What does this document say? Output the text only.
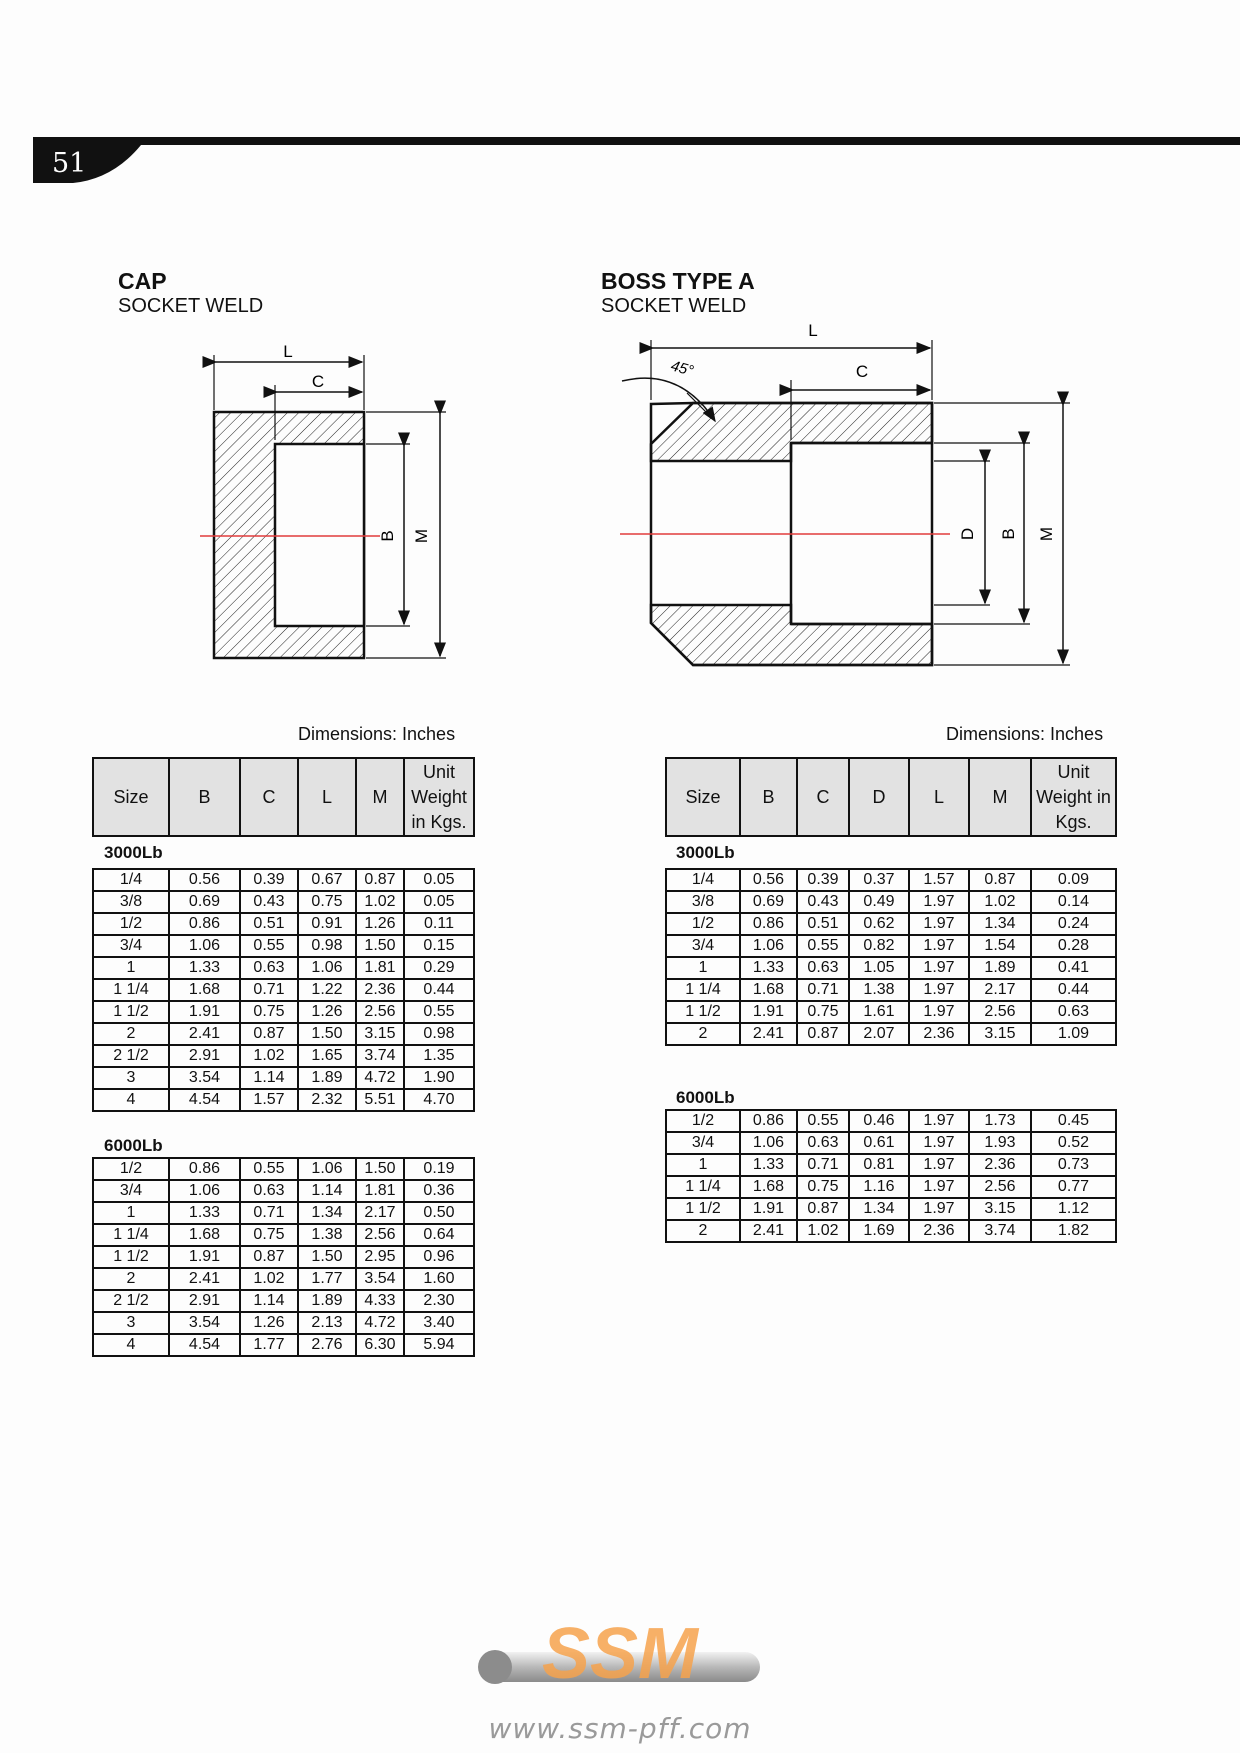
51
CAP
SOCKET WELD
L
C
B M
Dimensions: Inches
Size	B	C	L	M	Unit Weight in Kgs.
3000Lb
1/4	0.56	0.39	0.67	0.87	0.05
3/8	0.69	0.43	0.75	1.02	0.05
1/2	0.86	0.51	0.91	1.26	0.11
3/4	1.06	0.55	0.98	1.50	0.15
1	1.33	0.63	1.06	1.81	0.29
1 1/4	1.68	0.71	1.22	2.36	0.44
1 1/2	1.91	0.75	1.26	2.56	0.55
2	2.41	0.87	1.50	3.15	0.98
2 1/2	2.91	1.02	1.65	3.74	1.35
3	3.54	1.14	1.89	4.72	1.90
4	4.54	1.57	2.32	5.51	4.70
6000Lb
1/2	0.86	0.55	1.06	1.50	0.19
3/4	1.06	0.63	1.14	1.81	0.36
1	1.33	0.71	1.34	2.17	0.50
1 1/4	1.68	0.75	1.38	2.56	0.64
1 1/2	1.91	0.87	1.50	2.95	0.96
2	2.41	1.02	1.77	3.54	1.60
2 1/2	2.91	1.14	1.89	4.33	2.30
3	3.54	1.26	2.13	4.72	3.40
4	4.54	1.77	2.76	6.30	5.94
BOSS TYPE A
SOCKET WELD
L
45°	C
D B M
Dimensions: Inches
Size	B	C	D	L	M	Unit Weight in Kgs.
3000Lb
1/4	0.56	0.39	0.37	1.57	0.87	0.09
3/8	0.69	0.43	0.49	1.97	1.02	0.14
1/2	0.86	0.51	0.62	1.97	1.34	0.24
3/4	1.06	0.55	0.82	1.97	1.54	0.28
1	1.33	0.63	1.05	1.97	1.89	0.41
1 1/4	1.68	0.71	1.38	1.97	2.17	0.44
1 1/2	1.91	0.75	1.61	1.97	2.56	0.63
2	2.41	0.87	2.07	2.36	3.15	1.09
6000Lb
1/2	0.86	0.55	0.46	1.97	1.73	0.45
3/4	1.06	0.63	0.61	1.97	1.93	0.52
1	1.33	0.71	0.81	1.97	2.36	0.73
1 1/4	1.68	0.75	1.16	1.97	2.56	0.77
1 1/2	1.91	0.87	1.34	1.97	3.15	1.12
2	2.41	1.02	1.69	2.36	3.74	1.82
SSM
www.ssm-pff.com
